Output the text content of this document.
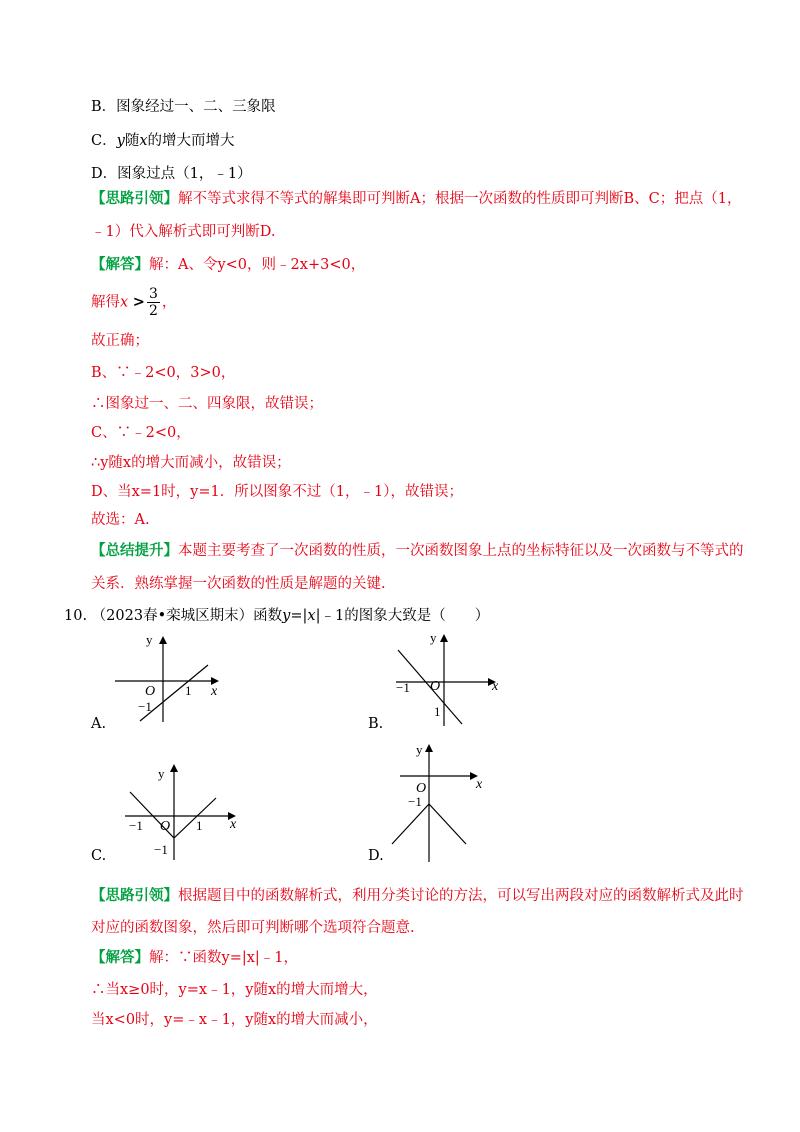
B．图象经过一、二、三象限
C．y随x的增大而增大
D．图象过点（1，﹣1）
【思路引领】解不等式求得不等式的解集即可判断A；根据一次函数的性质即可判断B、C；把点（1，
﹣1）代入解析式即可判断D.
【解答】解：A、令y<0，则﹣2x+3<0，
解得$x > \frac{3}{2}$ ，
故正确；
B、∵﹣2<0，3>0，
∴图象过一、二、四象限，故错误；
C、∵﹣2<0，
∴y随x的增大而减小，故错误；
D、当x=1时，y=1．所以图象不过（1，﹣1），故错误；
故选：A.
【总结提升】本题主要考查了一次函数的性质，一次函数图象上点的坐标特征以及一次函数与不等式的
关系．熟练掌握一次函数的性质是解题的关键.
10. （2023春•栾城区期末）函数y=|x|﹣1的图象大致是（　　）
y
x
O 1
−1
A.
y
x
O
−1
1
B.
y
x
O
−1	1
−1
C.
y
x
O
−1
D.
【思路引领】根据题目中的函数解析式，利用分类讨论的方法，可以写出两段对应的函数解析式及此时
对应的函数图象，然后即可判断哪个选项符合题意.
【解答】解：∵函数y=|x|﹣1，
∴当x≥0时，y=x﹣1，y随x的增大而增大，
当x<0时，y=﹣x﹣1，y随x的增大而减小，
